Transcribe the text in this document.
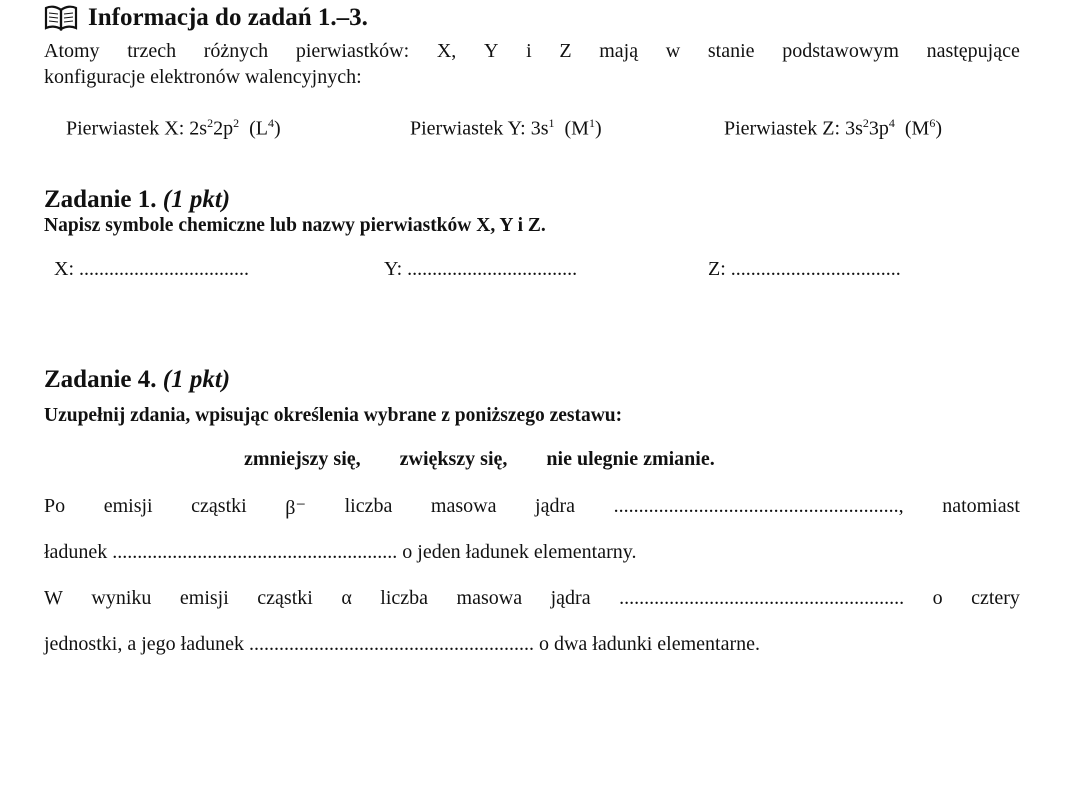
Informacja do zadań 1.–3.
Atomy trzech różnych pierwiastków: X, Y i Z mają w stanie podstawowym następujące
konfiguracje elektronów walencyjnych:
Pierwiastek X: $2s^22p^2$  $(L^4)$	Pierwiastek Y: $3s^1$  $(M^1)$	Pierwiastek Z: $3s^23p^4$  $(M^6)$
Zadanie 1. (1 pkt)
Napisz symbole chemiczne lub nazwy pierwiastków X, Y i Z.
X: ..................................	Y: ..................................	Z: ..................................
Zadanie 4. (1 pkt)
Uzupełnij zdania, wpisując określenia wybrane z poniższego zestawu:
zmniejszy się, zwiększy się, nie ulegnie zmianie.
Po emisji cząstki β⁻ liczba masowa jądra ........................................................., natomiast
ładunek ......................................................... o jeden ładunek elementarny.
W wyniku emisji cząstki α liczba masowa jądra ......................................................... o cztery
jednostki, a jego ładunek ......................................................... o dwa ładunki elementarne.
